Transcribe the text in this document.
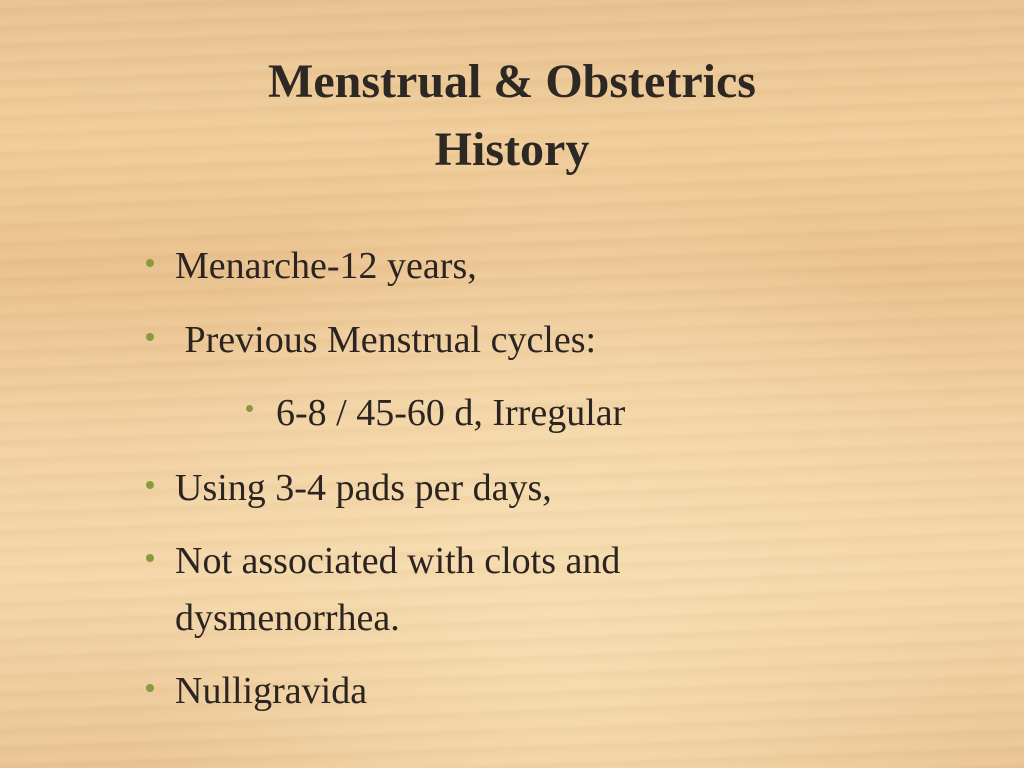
Menstrual & Obstetrics
History
Menarche-12 years,
Previous Menstrual cycles:
6-8 / 45-60 d, Irregular
Using 3-4 pads per days,
Not associated with clots and
dysmenorrhea.
Nulligravida
